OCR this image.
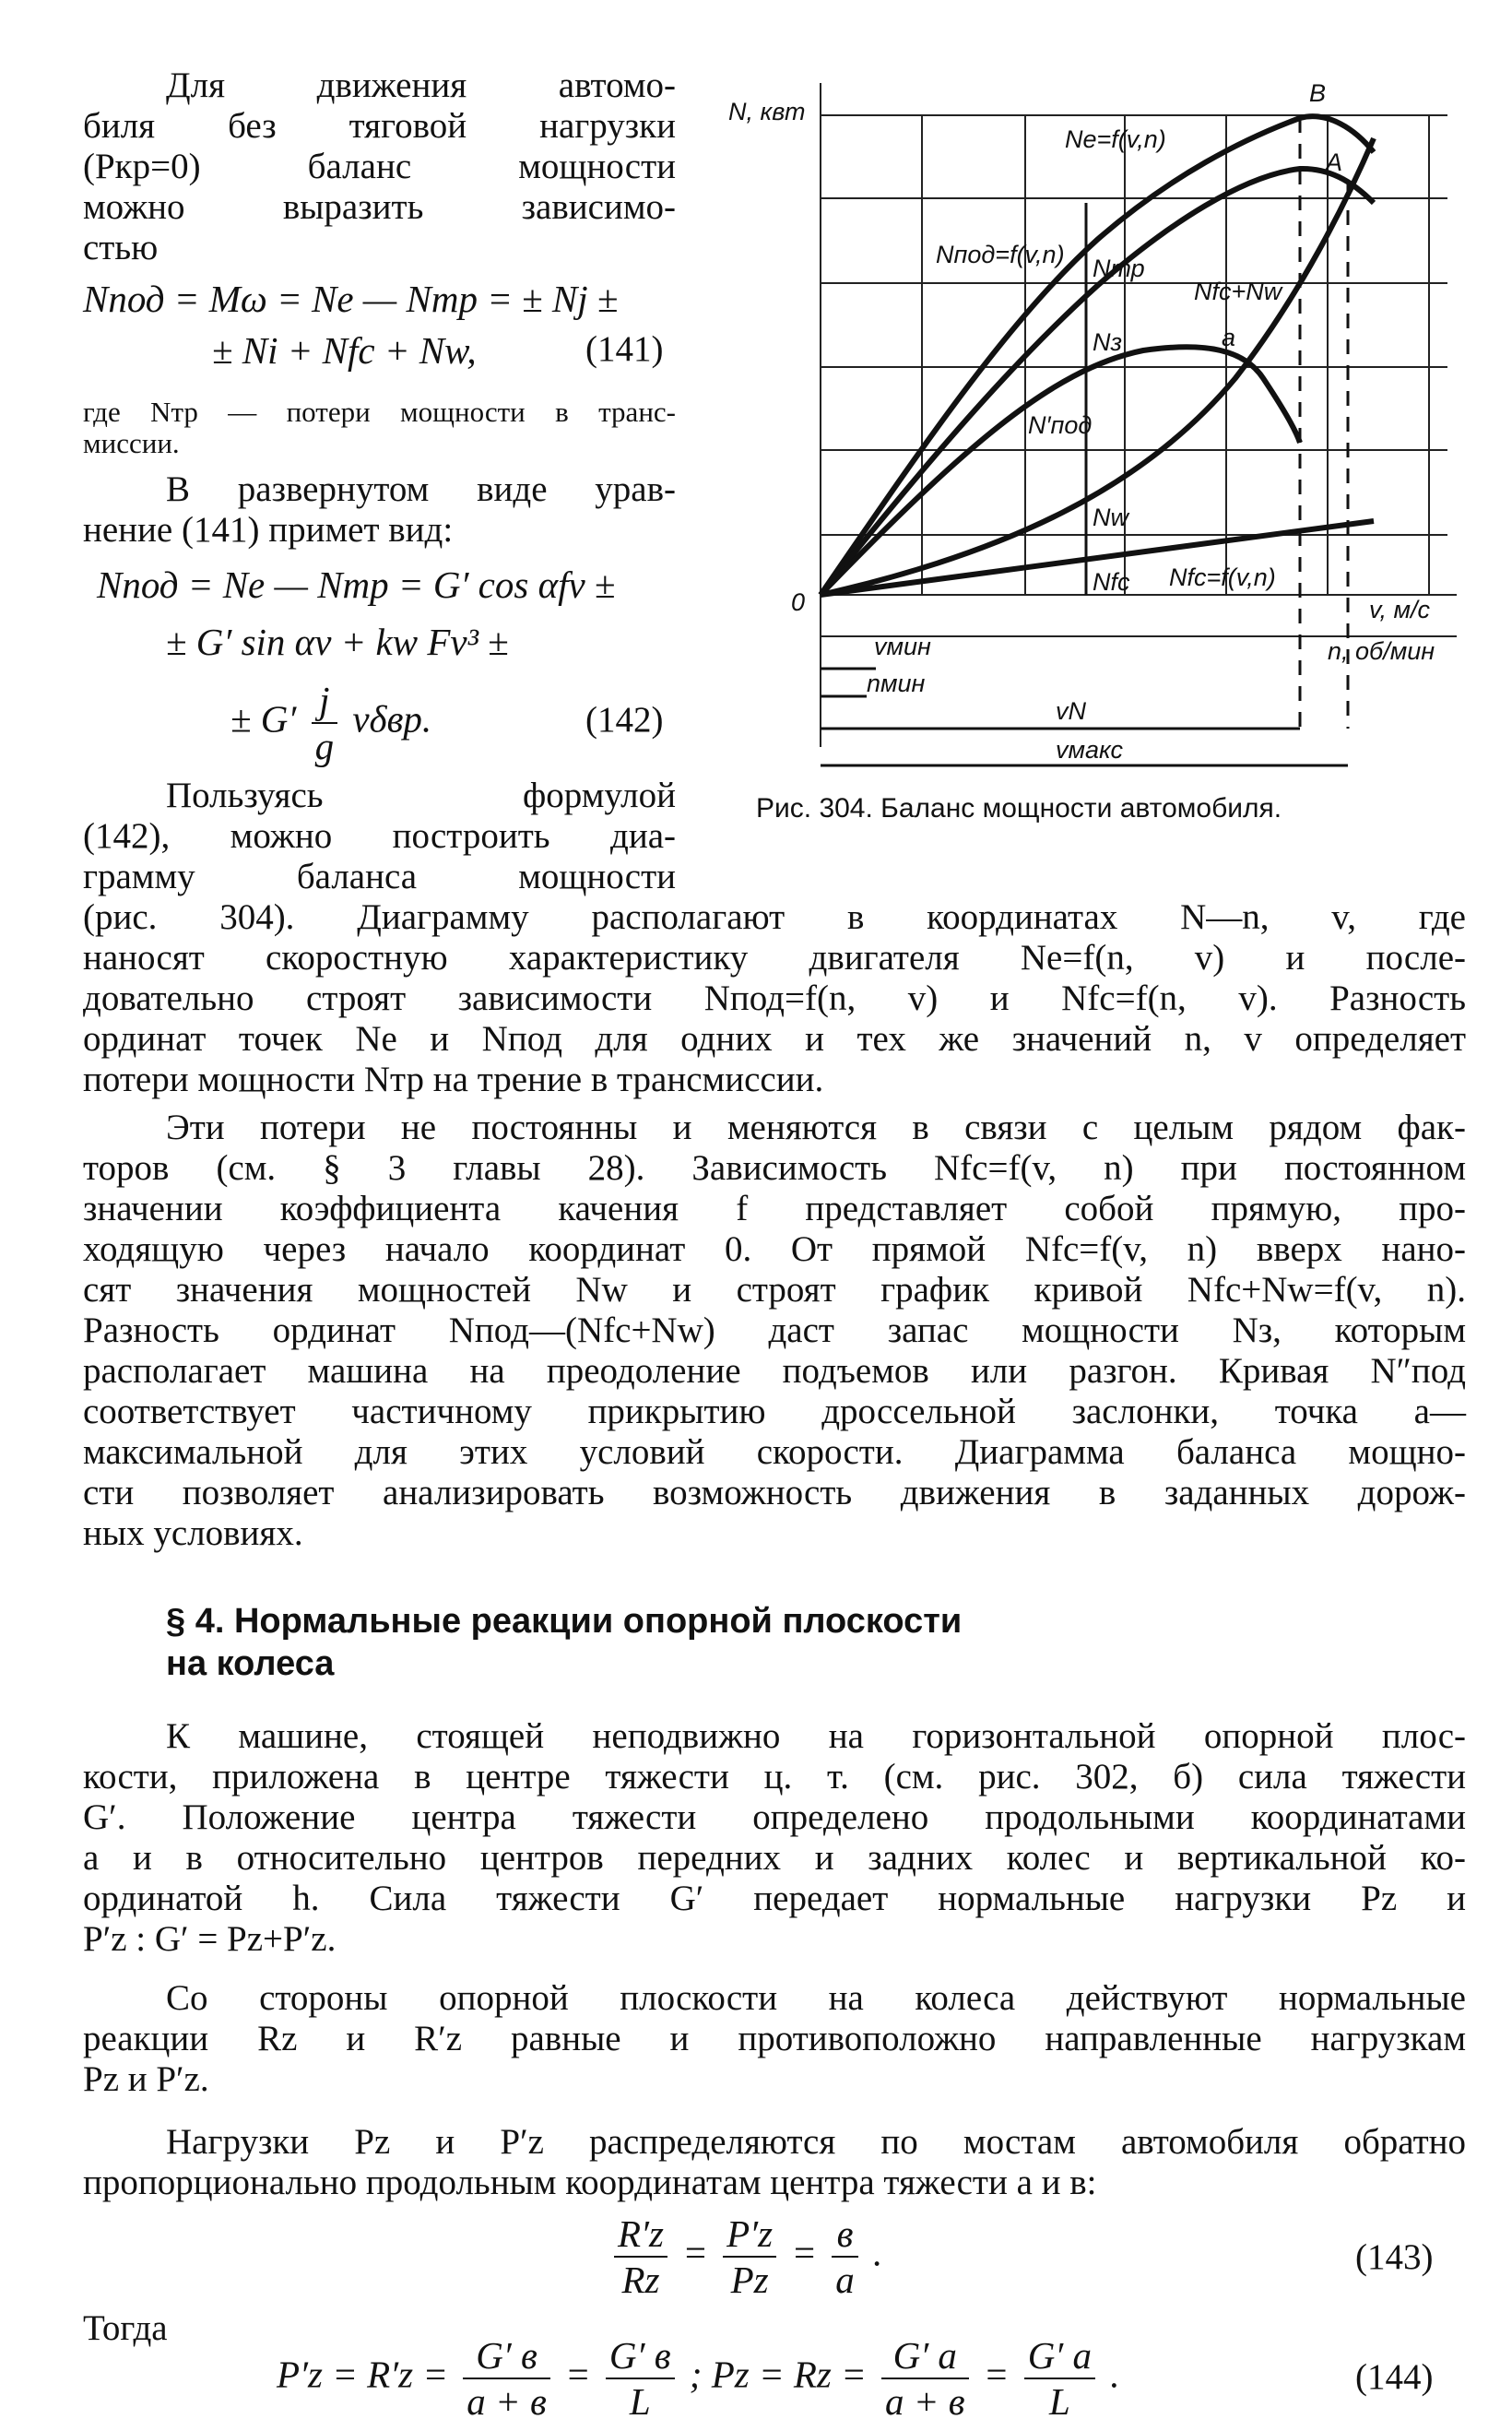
Для движения автомо-
биля без тяговой нагрузки
(Pкр=0) баланс мощности
можно выразить зависимо-
стью
Nпод = Mω = Ne — Nтр = ± Nj ±
± Ni + Nfc + Nw,	(141)
где Nтр — потери мощности в транс-
миссии.
В развернутом виде урав-
нение (141) примет вид:
Nпод = Ne — Nтр = G′ cos αfv ±
± G′ sin αv + kw Fv³ ±
± $G' \frac{j}{g} v\delta вр$.	(142)
Пользуясь формулой
(142), можно построить диа-
грамму баланса мощности
N, квт
0	v, м/с
n, об/мин
B
A
a
Ne=f(v,n)
Nпод=f(v,n) Nтр
Nfc+Nw
Nз
N′под
Nw
Nfc Nfc=f(v,n)
vмин
nмин
vN
vмакс
Рис. 304. Баланс мощности автомобиля.
(рис. 304). Диаграмму располагают в координатах N—n, v, где
наносят скоростную характеристику двигателя Ne=f(n, v) и после-
довательно строят зависимости Nпод=f(n, v) и Nfc=f(n, v). Разность
ординат точек Ne и Nпод для одних и тех же значений n, v определяет
потери мощности Nтр на трение в трансмиссии.
Эти потери не постоянны и меняются в связи с целым рядом фак-
торов (см. § 3 главы 28). Зависимость Nfc=f(v, n) при постоянном
значении коэффициента качения f представляет собой прямую, про-
ходящую через начало координат 0. От прямой Nfc=f(v, n) вверх нано-
сят значения мощностей Nw и строят график кривой Nfc+Nw=f(v, n).
Разность ординат Nпод—(Nfc+Nw) даст запас мощности Nз, которым
располагает машина на преодоление подъемов или разгон. Кривая N″под
соответствует частичному прикрытию дроссельной заслонки, точка a—
максимальной для этих условий скорости. Диаграмма баланса мощно-
сти позволяет анализировать возможность движения в заданных дорож-
ных условиях.
§ 4. Нормальные реакции опорной плоскости
на колеса
К машине, стоящей неподвижно на горизонтальной опорной плос-
кости, приложена в центре тяжести ц. т. (см. рис. 302, б) сила тяжести
G′. Положение центра тяжести определено продольными координатами
a и в относительно центров передних и задних колес и вертикальной ко-
ординатой h. Сила тяжести G′ передает нормальные нагрузки Pz и
P′z : G′ = Pz+P′z.
Со стороны опорной плоскости на колеса действуют нормальные
реакции Rz и R′z равные и противоположно направленные нагрузкам
Pz и P′z.
Нагрузки Pz и P′z распределяются по мостам автомобиля обратно
пропорционально продольным координатам центра тяжести a и в:
$\frac{R'z}{Rz} = \frac{P'z}{Pz} = \frac{в}{a}$ .	(143)
Тогда
$P'z = R'z = \frac{G' в}{a + в} = \frac{G' в}{L}$ ; $Pz = Rz = \frac{G' a}{a + в} = \frac{G' a}{L}$ .	(144)
